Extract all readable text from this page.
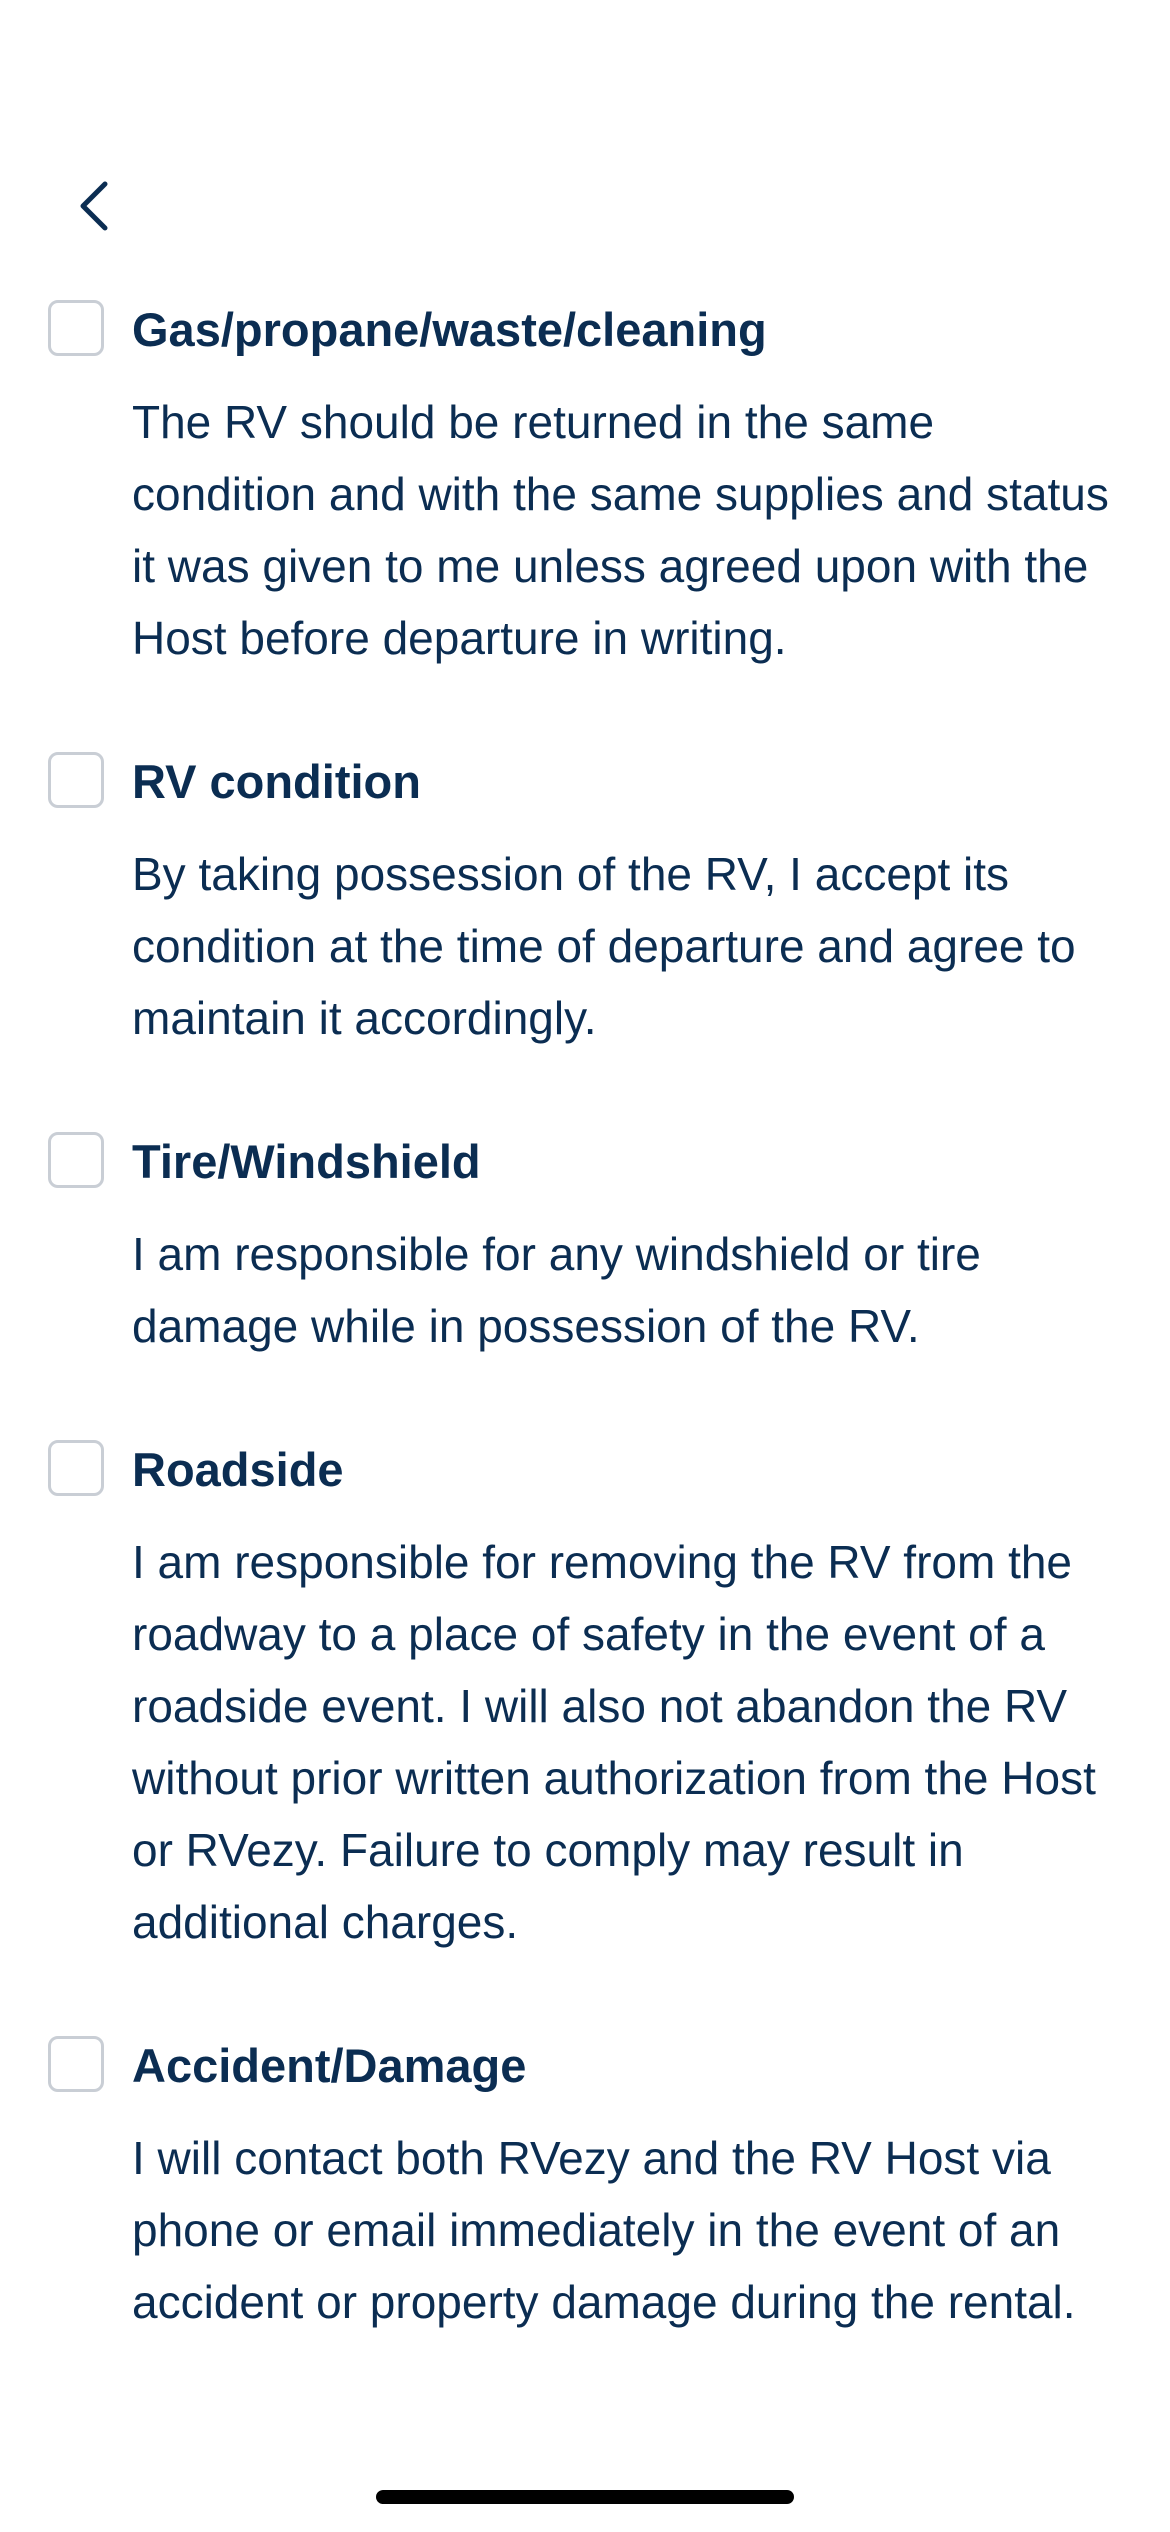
Gas/propane/waste/cleaning
The RV should be returned in the same condition and with the same supplies and status it was given to me unless agreed upon with the Host before departure in writing.
RV condition
By taking possession of the RV, I accept its condition at the time of departure and agree to maintain it accordingly.
Tire/Windshield
I am responsible for any windshield or tire damage while in possession of the RV.
Roadside
I am responsible for removing the RV from the roadway to a place of safety in the event of a roadside event. I will also not abandon the RV without prior written authorization from the Host or RVezy. Failure to comply may result in additional charges.
Accident/Damage
I will contact both RVezy and the RV Host via phone or email immediately in the event of an accident or property damage during the rental.
